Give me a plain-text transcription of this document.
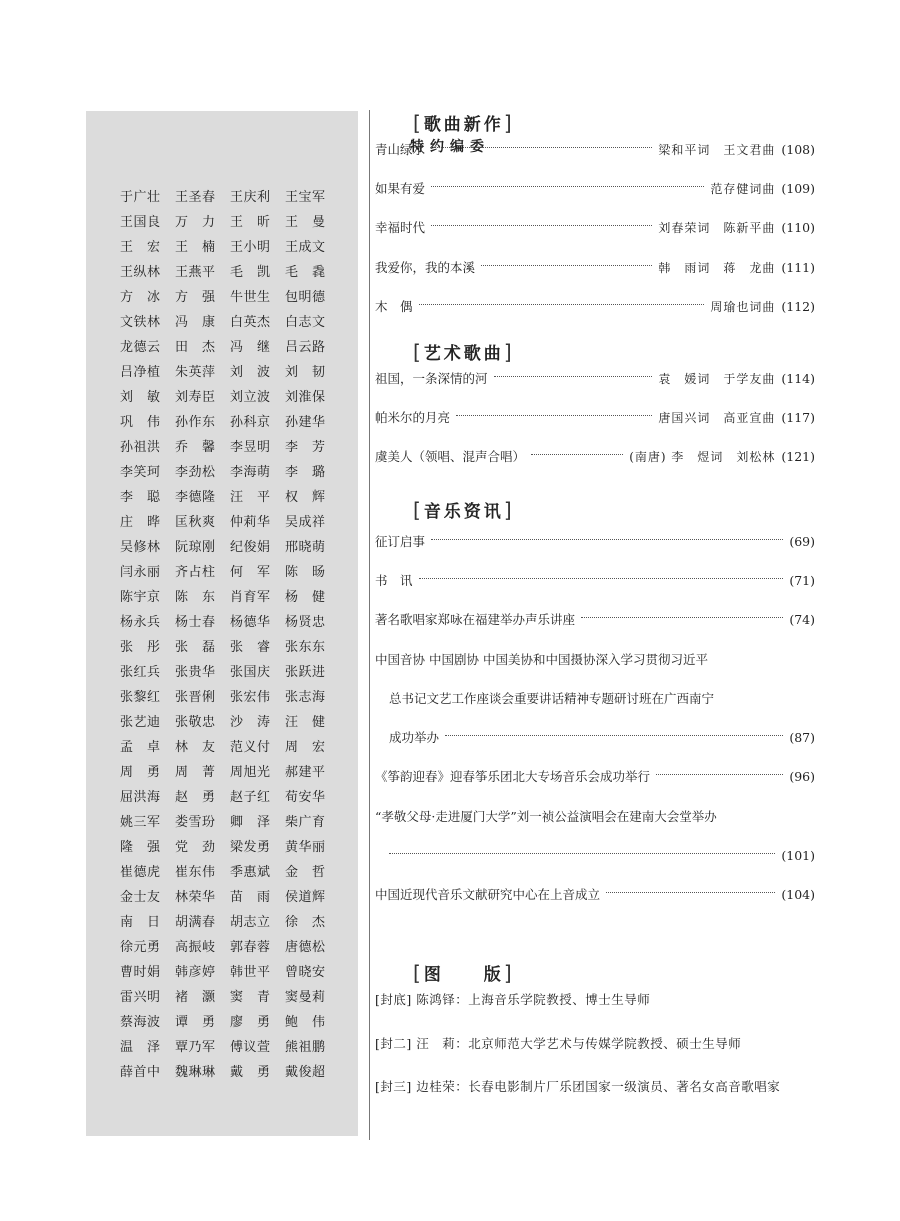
特约编委
于广壮	王圣春	王庆利	王宝军
王国良	万　力	王　昕	王　曼
王　宏	王　楠	王小明	王成文
王纵林	王燕平	毛　凯	毛　毳
方　冰	方　强	牛世生	包明德
文铁林	冯　康	白英杰	白志文
龙德云	田　杰	冯　继	吕云路
吕净植	朱英萍	刘　波	刘　韧
刘　敏	刘寿臣	刘立波	刘淮保
巩　伟	孙作东	孙科京	孙建华
孙祖洪	乔　馨	李昱明	李　芳
李笑珂	李劲松	李海萌	李　璐
李　聪	李德隆	汪　平	权　辉
庄　晔	匡秋爽	仲莉华	吴成祥
吴修林	阮琼刚	纪俊娟	邢晓萌
闫永丽	齐占柱	何　军	陈　旸
陈宇京	陈　东	肖育军	杨　健
杨永兵	杨士春	杨德华	杨贤忠
张　彤	张　磊	张　睿	张东东
张红兵	张贵华	张国庆	张跃进
张黎红	张晋俐	张宏伟	张志海
张艺迪	张敬忠	沙　涛	汪　健
孟　卓	林　友	范义付	周　宏
周　勇	周　菁	周旭光	郝建平
屈洪海	赵　勇	赵子红	荀安华
姚三军	娄雪玢	卿　泽	柴广育
隆　强	党　劲	梁发勇	黄华丽
崔德虎	崔东伟	季惠斌	金　哲
金士友	林荣华	苗　雨	侯道辉
南　日	胡满春	胡志立	徐　杰
徐元勇	高振岐	郭春蓉	唐德松
曹时娟	韩彦婷	韩世平	曾晓安
雷兴明	褚　灏	窦　青	窦曼莉
蔡海波	谭　勇	廖　勇	鲍　伟
温　泽	覃乃军	傅议萱	熊祖鹏
薛首中	魏琳琳	戴　勇	戴俊超
[歌曲新作]
青山绿水	梁和平词　王文君曲 (108)
如果有爱	范存健词曲 (109)
幸福时代	刘春荣词　陈新平曲 (110)
我爱你，我的本溪	韩　雨词　蒋　龙曲 (111)
木　偶	周瑜也词曲 (112)
[艺术歌曲]
祖国，一条深情的河	袁　媛词　于学友曲 (114)
帕米尔的月亮	唐国兴词　高亚宣曲 (117)
虞美人（领唱、混声合唱）	(南唐) 李　煜词　刘松林 (121)
[音乐资讯]
征订启事	(69)
书　讯	(71)
著名歌唱家郑咏在福建举办声乐讲座	(74)
中国音协 中国剧协 中国美协和中国摄协深入学习贯彻习近平
总书记文艺工作座谈会重要讲话精神专题研讨班在广西南宁
成功举办	(87)
《筝韵迎春》迎春筝乐团北大专场音乐会成功举行	(96)
“孝敬父母·走进厦门大学”刘一祯公益演唱会在建南大会堂举办
(101)
中国近现代音乐文献研究中心在上音成立	(104)
[图　　版]
[封底] 陈鸿铎：上海音乐学院教授、博士生导师
[封二] 汪　莉：北京师范大学艺术与传媒学院教授、硕士生导师
[封三] 边桂荣：长春电影制片厂乐团国家一级演员、著名女高音歌唱家
